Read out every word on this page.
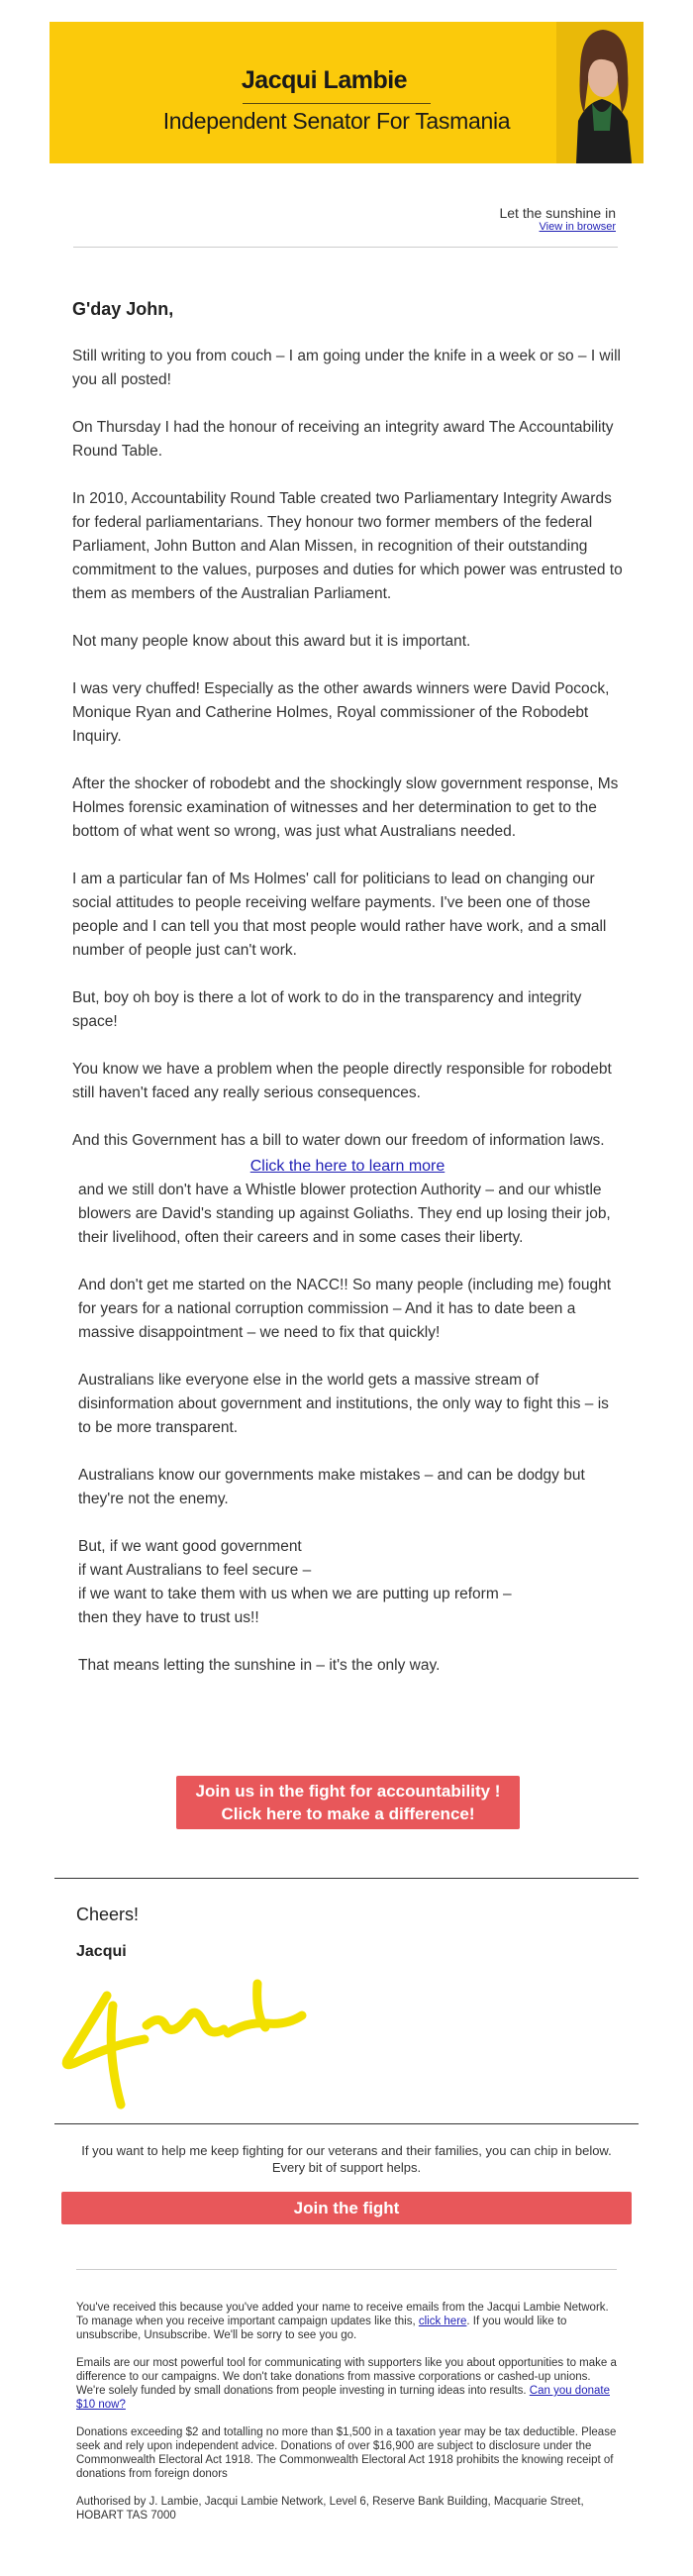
Jacqui Lambie
Independent Senator For Tasmania
Let the sunshine in
View in browser

G'day John,

Still writing to you from couch – I am going under the knife in a week or so – I will you all posted!

On Thursday I had the honour of receiving an integrity award The Accountability Round Table.

In 2010, Accountability Round Table created two Parliamentary Integrity Awards for federal parliamentarians. They honour two former members of the federal Parliament, John Button and Alan Missen, in recognition of their outstanding commitment to the values, purposes and duties for which power was entrusted to them as members of the Australian Parliament.

Not many people know about this award but it is important.

I was very chuffed! Especially as the other awards winners were David Pocock, Monique Ryan and Catherine Holmes, Royal commissioner of the Robodebt Inquiry.

After the shocker of robodebt and the shockingly slow government response, Ms Holmes forensic examination of witnesses and her determination to get to the bottom of what went so wrong, was just what Australians needed.

I am a particular fan of Ms Holmes' call for politicians to lead on changing our social attitudes to people receiving welfare payments. I've been one of those people and I can tell you that most people would rather have work, and a small number of people just can't work.

But, boy oh boy is there a lot of work to do in the transparency and integrity space!

You know we have a problem when the people directly responsible for robodebt still haven't faced any really serious consequences.

And this Government has a bill to water down our freedom of information laws.

Click the here to learn more

and we still don't have a Whistle blower protection Authority – and our whistle blowers are David's standing up against Goliaths. They end up losing their job, their livelihood, often their careers and in some cases their liberty.

And don't get me started on the NACC!! So many people (including me) fought for years for a national corruption commission – And it has to date been a massive disappointment – we need to fix that quickly!

Australians like everyone else in the world gets a massive stream of disinformation about government and institutions, the only way to fight this – is to be more transparent.

Australians know our governments make mistakes – and can be dodgy but they're not the enemy.

But, if we want good government
if want Australians to feel secure –
if we want to take them with us when we are putting up reform –
then they have to trust us!!

That means letting the sunshine in – it's the only way.

Join us in the fight for accountability !
Click here to make a difference!
Cheers!
Jacqui
If you want to help me keep fighting for our veterans and their families, you can chip in below. Every bit of support helps.
Join the fight

You've received this because you've added your name to receive emails from the Jacqui Lambie Network. To manage when you receive important campaign updates like this, click here. If you would like to unsubscribe, Unsubscribe. We'll be sorry to see you go.

Emails are our most powerful tool for communicating with supporters like you about opportunities to make a difference to our campaigns. We don't take donations from massive corporations or cashed-up unions. We're solely funded by small donations from people investing in turning ideas into results. Can you donate $10 now?

Donations exceeding $2 and totalling no more than $1,500 in a taxation year may be tax deductible. Please seek and rely upon independent advice. Donations of over $16,900 are subject to disclosure under the Commonwealth Electoral Act 1918. The Commonwealth Electoral Act 1918 prohibits the knowing receipt of donations from foreign donors

Authorised by J. Lambie, Jacqui Lambie Network, Level 6, Reserve Bank Building, Macquarie Street, HOBART TAS 7000
